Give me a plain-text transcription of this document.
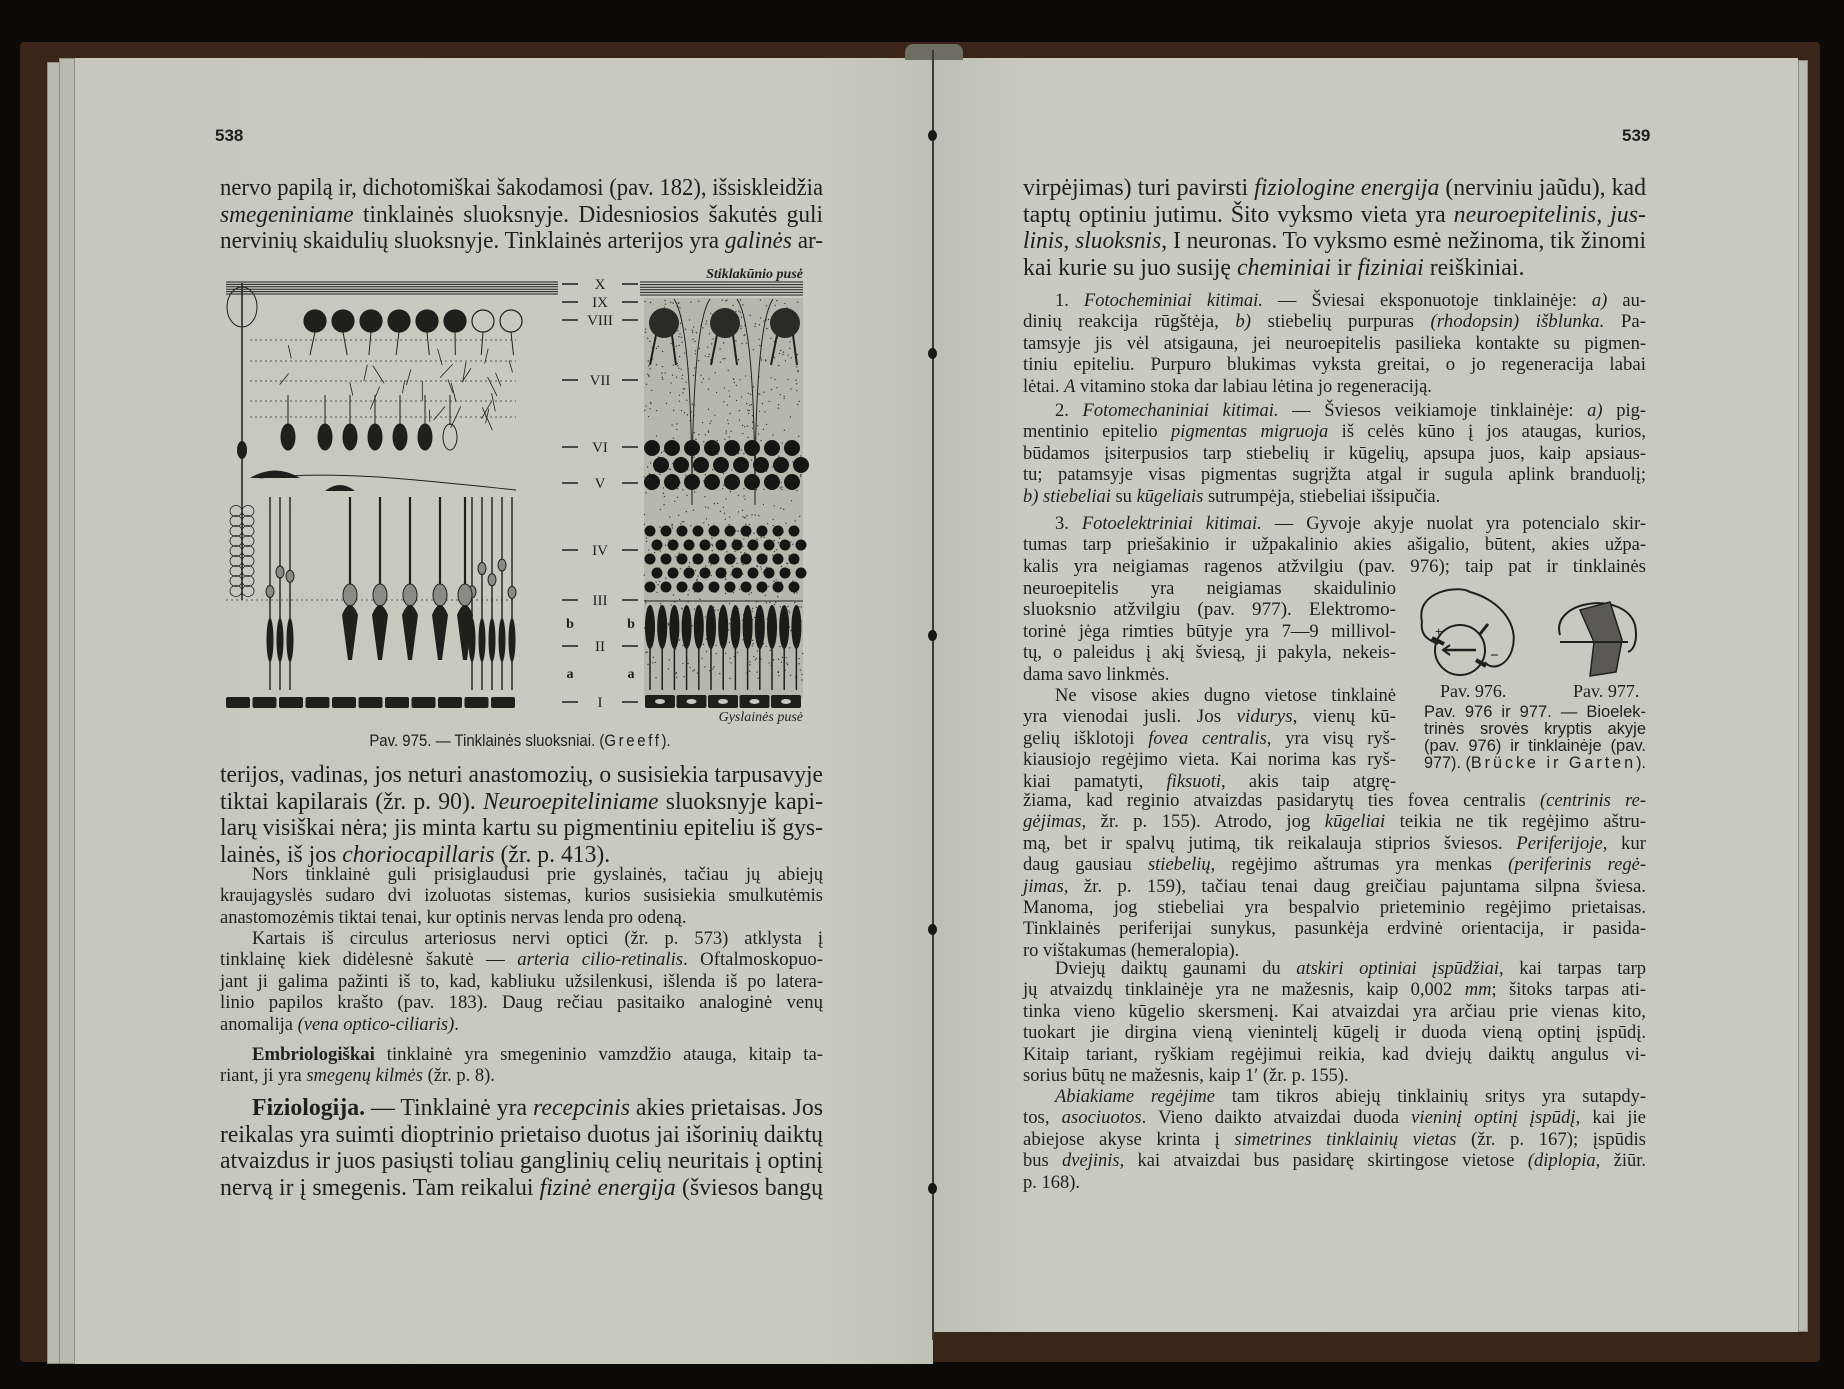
538
nervo papilą ir, dichotomiškai šakodamosi (pav. 182), išsiskleidžia
smegeniniame tinklainės sluoksnyje. Didesniosios šakutės guli
nervinių skaidulių sluoksnyje. Tinklainės arterijos yra galinės ar-
X
IX
VIII
VII
VI
V
IV
III
b	b
II
a	a
I
Stiklakūnio pusė
Gyslainės pusė
Pav. 975. — Tinklainės sluoksniai. (Greeff).
terijos, vadinas, jos neturi anastomozių, o susisiekia tarpusavyje
tiktai kapilarais (žr. p. 90). Neuroepiteliniame sluoksnyje kapi-
larų visiškai nėra; jis minta kartu su pigmentiniu epiteliu iš gys-
lainės, iš jos choriocapillaris (žr. p. 413).
Nors tinklainė guli prisiglaudusi prie gyslainės, tačiau jų abiejų
kraujagyslės sudaro dvi izoluotas sistemas, kurios susisiekia smulkutėmis
anastomozėmis tiktai tenai, kur optinis nervas lenda pro odeną.
Kartais iš circulus arteriosus nervi optici (žr. p. 573) atklysta į
tinklainę kiek didėlesnė šakutė — arteria cilio-retinalis. Oftalmoskopuo-
jant ji galima pažinti iš to, kad, kabliuku užsilenkusi, išlenda iš po latera-
linio papilos krašto (pav. 183). Daug rečiau pasitaiko analoginė venų
anomalija (vena optico-ciliaris).
Embriologiškai tinklainė yra smegeninio vamzdžio atauga, kitaip ta-
riant, ji yra smegenų kilmės (žr. p. 8).
Fiziologija. — Tinklainė yra recepcinis akies prietaisas. Jos
reikalas yra suimti dioptrinio prietaiso duotus jai išorinių daiktų
atvaizdus ir juos pasiųsti toliau ganglinių celių neuritais į optinį
nervą ir į smegenis. Tam reikalui fizinė energija (šviesos bangų
539
virpėjimas) turi pavirsti fiziologine energija (nerviniu jaũdu), kad
taptų optiniu jutimu. Šito vyksmo vieta yra neuroepitelinis, jus-
linis, sluoksnis, I neuronas. To vyksmo esmė nežinoma, tik žinomi
kai kurie su juo susiję cheminiai ir fiziniai reiškiniai.
1. Fotocheminiai kitimai. — Šviesai eksponuotoje tinklainėje: a) au-
dinių reakcija rūgštėja, b) stiebelių purpuras (rhodopsin) išblunka. Pa-
tamsyje jis vėl atsigauna, jei neuroepitelis pasilieka kontakte su pigmen-
tiniu epiteliu. Purpuro blukimas vyksta greitai, o jo regeneracija labai
lėtai. A vitamino stoka dar labiau lėtina jo regeneraciją.
2. Fotomechaniniai kitimai. — Šviesos veikiamoje tinklainėje: a) pig-
mentinio epitelio pigmentas migruoja iš celės kūno į jos ataugas, kurios,
būdamos įsiterpusios tarp stiebelių ir kūgelių, apsupa juos, kaip apsiaus-
tu; patamsyje visas pigmentas sugrįžta atgal ir sugula aplink branduolį;
b) stiebeliai su kūgeliais sutrumpėja, stiebeliai išsipučia.
3. Fotoelektriniai kitimai. — Gyvoje akyje nuolat yra potencialo skir-
tumas tarp priešakinio ir užpakalinio akies ašigalio, būtent, akies užpa-
kalis yra neigiamas ragenos atžvilgiu (pav. 976); taip pat ir tinklainės
neuroepitelis yra neigiamas skaidulinio
sluoksnio atžvilgiu (pav. 977). Elektromo-
torinė jėga rimties būtyje yra 7—9 millivol-
tų, o paleidus į akį šviesą, ji pakyla, nekeis-
dama savo linkmės.
Ne visose akies dugno vietose tinklainė
yra vienodai jusli. Jos vidurys, vienų kū-
gelių išklotoji fovea centralis, yra visų ryš-
kiausiojo regėjimo vieta. Kai norima kas ryš-
kiai pamatyti, fiksuoti, akis taip atgrę-
žiama, kad reginio atvaizdas pasidarytų ties fovea centralis (centrinis re-
gėjimas, žr. p. 155). Atrodo, jog kūgeliai teikia ne tik regėjimo aštru-
mą, bet ir spalvų jutimą, tik reikalauja stiprios šviesos. Periferijoje, kur
daug gausiau stiebelių, regėjimo aštrumas yra menkas (periferinis regė-
jimas, žr. p. 159), tačiau tenai daug greičiau pajuntama silpna šviesa.
Manoma, jog stiebeliai yra bespalvio prieteminio regėjimo prietaisas.
Tinklainės periferijai sunykus, pasunkėja erdvinė orientacija, ir pasida-
ro vištakumas (hemeralopia).
Dviejų daiktų gaunami du atskiri optiniai įspūdžiai, kai tarpas tarp
jų atvaizdų tinklainėje yra ne mažesnis, kaip 0,002 mm; šitoks tarpas ati-
tinka vieno kūgelio skersmenį. Kai atvaizdai yra arčiau prie vienas kito,
tuokart jie dirgina vieną vienintelį kūgelį ir duoda vieną optinį įspūdį.
Kitaip tariant, ryškiam regėjimui reikia, kad dviejų daiktų angulus vi-
sorius būtų ne mažesnis, kaip 1′ (žr. p. 155).
Abiakiame regėjime tam tikros abiejų tinklainių sritys yra sutapdy-
tos, asociuotos. Vieno daikto atvaizdai duoda vieninį optinį įspūdį, kai jie
abiejose akyse krinta į simetrines tinklainių vietas (žr. p. 167); įspūdis
bus dvejinis, kai atvaizdai bus pasidarę skirtingose vietose (diplopia, žiūr.
p. 168).
+
−
Pav. 976.	Pav. 977.
Pav. 976 ir 977. — Bioelek-
trinės srovės kryptis akyje
(pav. 976) ir tinklainėje (pav.
977). (Brücke ir Garten).
